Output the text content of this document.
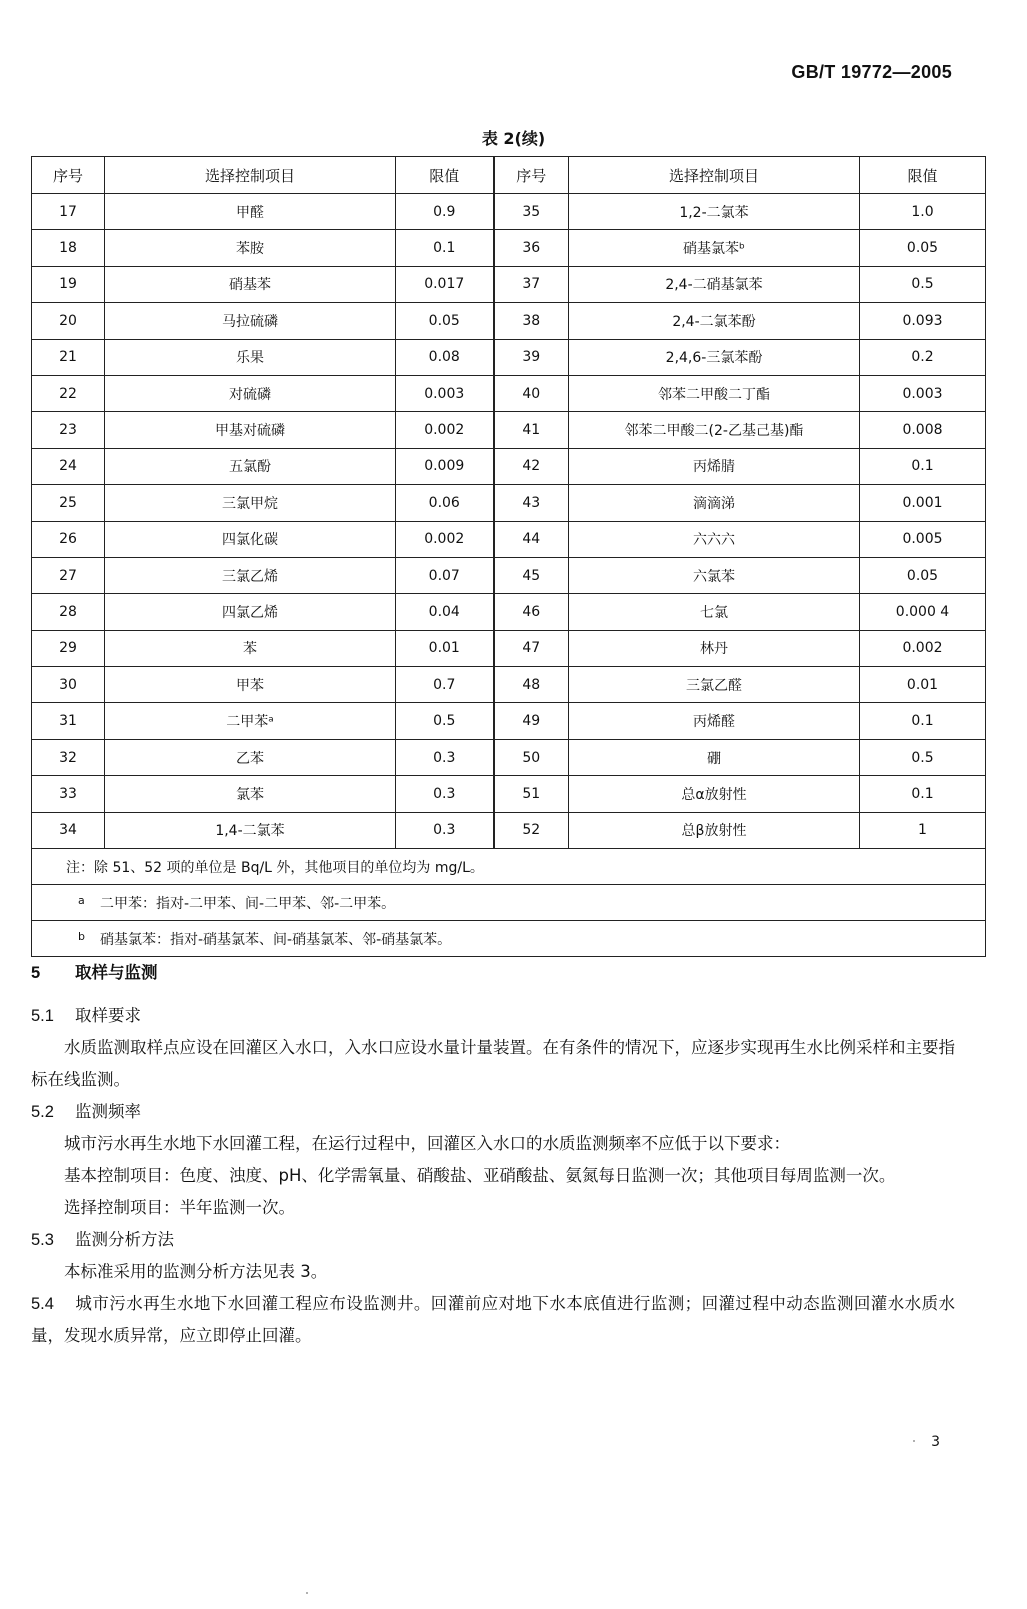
GB/T 19772—2005
表 2(续)
序号	选择控制项目	限值	序号	选择控制项目	限值
17	甲醛	0.9	35	1,2-二氯苯	1.0
18	苯胺	0.1	36	硝基氯苯ᵇ	0.05
19	硝基苯	0.017	37	2,4-二硝基氯苯	0.5
20	马拉硫磷	0.05	38	2,4-二氯苯酚	0.093
21	乐果	0.08	39	2,4,6-三氯苯酚	0.2
22	对硫磷	0.003	40	邻苯二甲酸二丁酯	0.003
23	甲基对硫磷	0.002	41	邻苯二甲酸二(2-乙基己基)酯	0.008
24	五氯酚	0.009	42	丙烯腈	0.1
25	三氯甲烷	0.06	43	滴滴涕	0.001
26	四氯化碳	0.002	44	六六六	0.005
27	三氯乙烯	0.07	45	六氯苯	0.05
28	四氯乙烯	0.04	46	七氯	0.000 4
29	苯	0.01	47	林丹	0.002
30	甲苯	0.7	48	三氯乙醛	0.01
31	二甲苯ᵃ	0.5	49	丙烯醛	0.1
32	乙苯	0.3	50	硼	0.5
33	氯苯	0.3	51	总α放射性	0.1
34	1,4-二氯苯	0.3	52	总β放射性	1
注：除 51、52 项的单位是 Bq/L 外，其他项目的单位均为 mg/L。					
a 二甲苯：指对-二甲苯、间-二甲苯、邻-二甲苯。					
b 硝基氯苯：指对-硝基氯苯、间-硝基氯苯、邻-硝基氯苯。					
5 取样与监测
5.1 取样要求
水质监测取样点应设在回灌区入水口，入水口应设水量计量装置。在有条件的情况下，应逐步实现再生水比例采样和主要指标在线监测。
5.2 监测频率
城市污水再生水地下水回灌工程，在运行过程中，回灌区入水口的水质监测频率不应低于以下要求：
基本控制项目：色度、浊度、pH、化学需氧量、硝酸盐、亚硝酸盐、氨氮每日监测一次；其他项目每周监测一次。
选择控制项目：半年监测一次。
5.3 监测分析方法
本标准采用的监测分析方法见表 3。
5.4 城市污水再生水地下水回灌工程应布设监测井。回灌前应对地下水本底值进行监测；回灌过程中动态监测回灌水水质水量，发现水质异常，应立即停止回灌。
3
